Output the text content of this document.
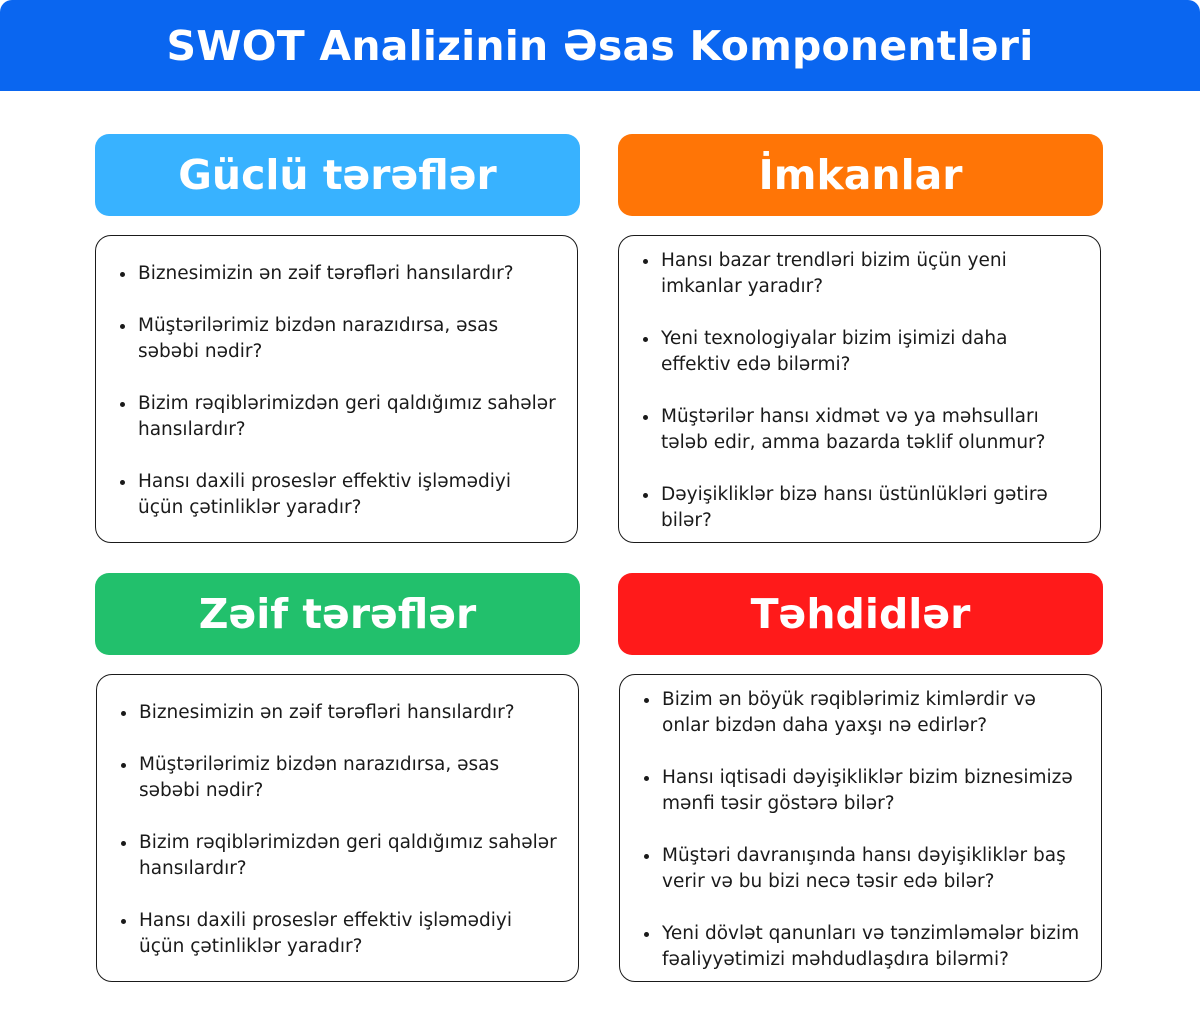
SWOT Analizinin Əsas Komponentləri
Güclü tərəflər
Biznesimizin ən zəif tərəfləri hansılardır?
Müştərilərimiz bizdən narazıdırsa, əsas səbəbi nədir?
Bizim rəqiblərimizdən geri qaldığımız sahələr hansılardır?
Hansı daxili proseslər effektiv işləmədiyi üçün çətinliklər yaradır?
İmkanlar
Hansı bazar trendləri bizim üçün yeni imkanlar yaradır?
Yeni texnologiyalar bizim işimizi daha effektiv edə bilərmi?
Müştərilər hansı xidmət və ya məhsulları tələb edir, amma bazarda təklif olunmur?
Dəyişikliklər bizə hansı üstünlükləri gətirə bilər?
Zəif tərəflər
Biznesimizin ən zəif tərəfləri hansılardır?
Müştərilərimiz bizdən narazıdırsa, əsas səbəbi nədir?
Bizim rəqiblərimizdən geri qaldığımız sahələr hansılardır?
Hansı daxili proseslər effektiv işləmədiyi üçün çətinliklər yaradır?
Təhdidlər
Bizim ən böyük rəqiblərimiz kimlərdir və onlar bizdən daha yaxşı nə edirlər?
Hansı iqtisadi dəyişikliklər bizim biznesimizə mənfi təsir göstərə bilər?
Müştəri davranışında hansı dəyişikliklər baş verir və bu bizi necə təsir edə bilər?
Yeni dövlət qanunları və tənzimləmələr bizim fəaliyyətimizi məhdudlaşdıra bilərmi?
